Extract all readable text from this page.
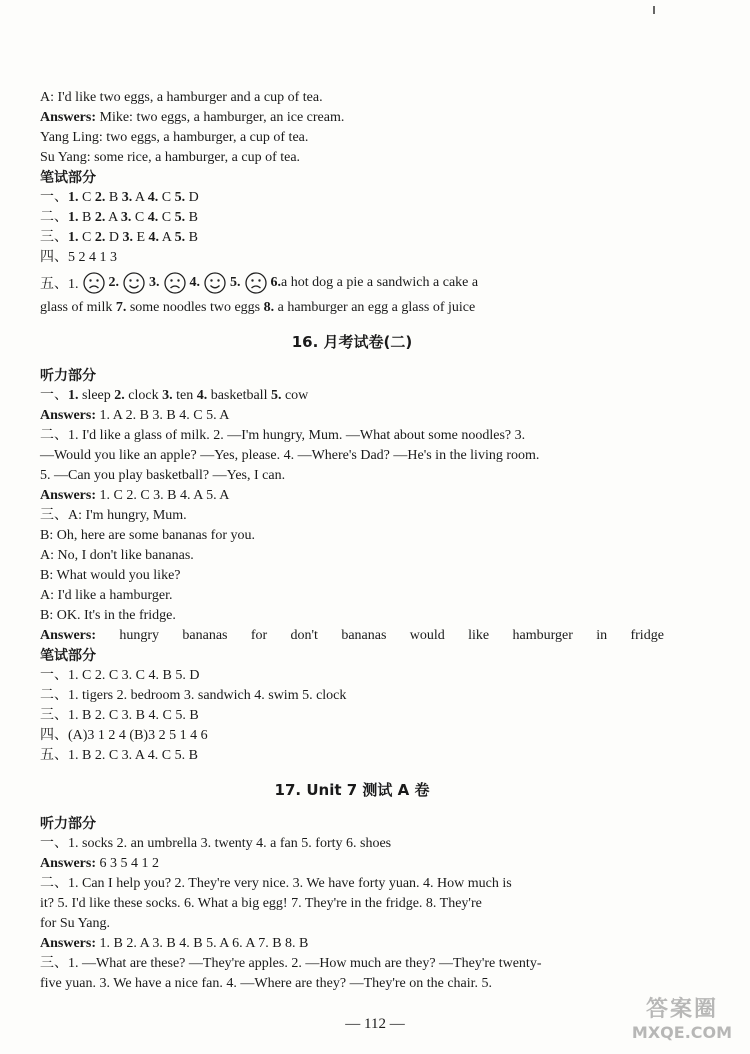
A: I'd like two eggs, a hamburger and a cup of tea.
Answers: Mike: two eggs, a hamburger, an ice cream.
Yang Ling: two eggs, a hamburger, a cup of tea.
Su Yang: some rice, a hamburger, a cup of tea.
笔试部分
一、1. C 2. B 3. A 4. C 5. D
二、1. B 2. A 3. C 4. C 5. B
三、1. C 2. D 3. E 4. A 5. B
四、5 2 4 1 3
五、1. 2. 3. 4. 5. 6. a hot dog a pie a sandwich a cake a
glass of milk 7. some noodles two eggs 8. a hamburger an egg a glass of juice
16. 月考试卷(二)
听力部分
一、1. sleep 2. clock 3. ten 4. basketball 5. cow
Answers: 1. A 2. B 3. B 4. C 5. A
二、1. I'd like a glass of milk. 2. —I'm hungry, Mum. —What about some noodles? 3.
—Would you like an apple? —Yes, please. 4. —Where's Dad? —He's in the living room.
5. —Can you play basketball? —Yes, I can.
Answers: 1. C 2. C 3. B 4. A 5. A
三、A: I'm hungry, Mum.
B: Oh, here are some bananas for you.
A: No, I don't like bananas.
B: What would you like?
A: I'd like a hamburger.
B: OK. It's in the fridge.
Answers: hungry bananas for don't bananas would like hamburger in fridge
笔试部分
一、1. C 2. C 3. C 4. B 5. D
二、1. tigers 2. bedroom 3. sandwich 4. swim 5. clock
三、1. B 2. C 3. B 4. C 5. B
四、(A)3 1 2 4 (B)3 2 5 1 4 6
五、1. B 2. C 3. A 4. C 5. B
17. Unit 7 测试 A 卷
听力部分
一、1. socks 2. an umbrella 3. twenty 4. a fan 5. forty 6. shoes
Answers: 6 3 5 4 1 2
二、1. Can I help you? 2. They're very nice. 3. We have forty yuan. 4. How much is
it? 5. I'd like these socks. 6. What a big egg! 7. They're in the fridge. 8. They're
for Su Yang.
Answers: 1. B 2. A 3. B 4. B 5. A 6. A 7. B 8. B
三、1. —What are these? —They're apples. 2. —How much are they? —They're twenty-
five yuan. 3. We have a nice fan. 4. —Where are they? —They're on the chair. 5.
— 112 —
答案圈
MXQE.COM
